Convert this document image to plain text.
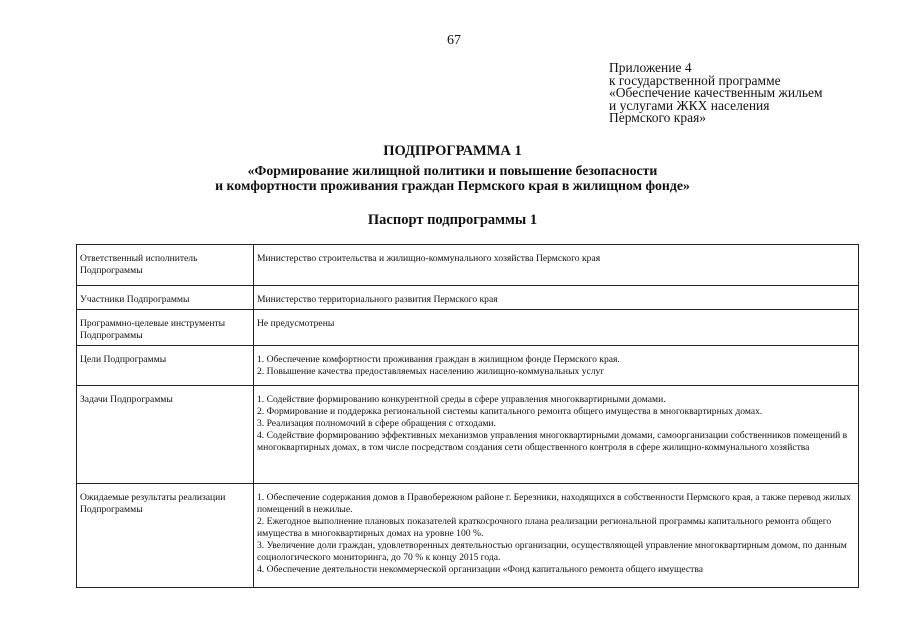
67
Приложение 4
к государственной программе
«Обеспечение качественным жильем
и услугами ЖКХ населения
Пермского края»
ПОДПРОГРАММА 1
«Формирование жилищной политики и повышение безопасности
и комфортности проживания граждан Пермского края в жилищном фонде»
Паспорт подпрограммы 1
Ответственный исполнитель Подпрограммы	Министерство строительства и жилищно-коммунального хозяйства Пермского края

Участники Подпрограммы	Министерство территориального развития Пермского края

Программно-целевые инструменты Подпрограммы	Не предусмотрены

Цели Подпрограммы	1. Обеспечение комфортности проживания граждан в жилищном фонде Пермского края.
2. Повышение качества предоставляемых населению жилищно-коммунальных услуг

Задачи Подпрограммы	1. Содействие формированию конкурентной среды в сфере управления многоквартирными домами.
2. Формирование и поддержка региональной системы капитального ремонта общего имущества в многоквартирных домах.
3. Реализация полномочий в сфере обращения с отходами.
4. Содействие формированию эффективных механизмов управления многоквартирными домами, самоорганизации собственников помещений в многоквартирных домах, в том числе посредством создания сети общественного контроля в сфере жилищно-коммунального хозяйства

Ожидаемые результаты реализации Подпрограммы	1. Обеспечение содержания домов в Правобережном районе г. Березники, находящихся в собственности Пермского края, а также перевод жилых помещений в нежилые.
2. Ежегодное выполнение плановых показателей краткосрочного плана реализации региональной программы капитального ремонта общего имущества в многоквартирных домах на уровне 100 %.
3. Увеличение доли граждан, удовлетворенных деятельностью организации, осуществляющей управление многоквартирным домом, по данным социологического мониторинга, до 70 % к концу 2015 года.
4. Обеспечение деятельности некоммерческой организации «Фонд капитального ремонта общего имущества
